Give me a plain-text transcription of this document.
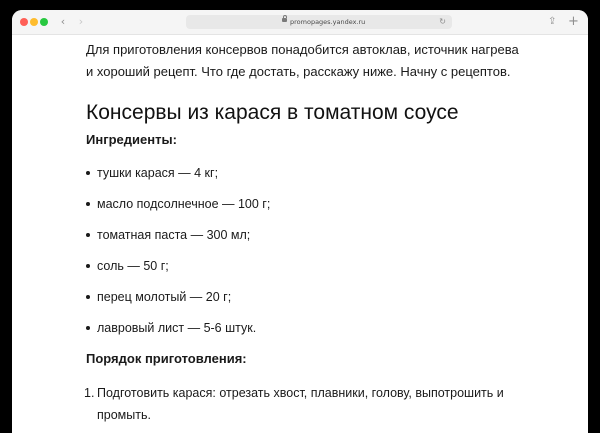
‹	›	promopages.yandex.ru	↻	⇪ +

Для приготовления консервов понадобится автоклав, источник нагрева и хороший рецепт. Что где достать, расскажу ниже. Начну с рецептов.

Консервы из карася в томатном соусе

Ингредиенты:

тушки карася — 4 кг;
масло подсолнечное — 100 г;
томатная паста — 300 мл;
соль — 50 г;
перец молотый — 20 г;
лавровый лист — 5-6 штук.

Порядок приготовления:

1. Подготовить карася: отрезать хвост, плавники, голову, выпотрошить и промыть.
